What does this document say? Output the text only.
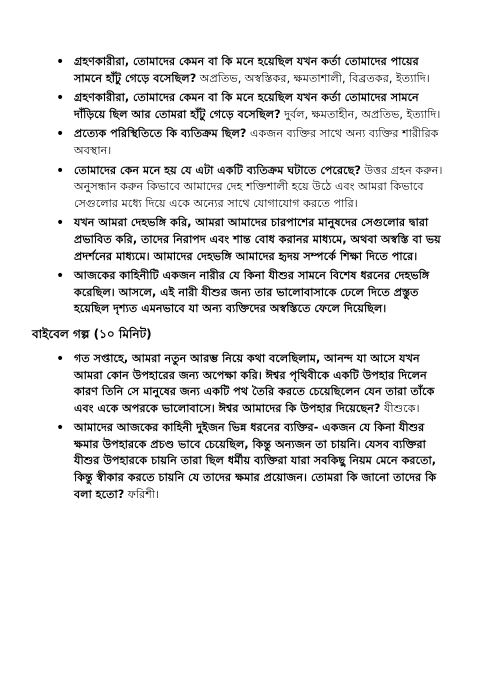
• গ্রহণকারীরা, তোমাদের কেমন বা কি মনে হয়েছিল যখন কর্তা তোমাদের পায়ের সামনে হাঁটু গেড়ে বসেছিল? অপ্রতিভ, অস্বস্তিকর, ক্ষমতাশালী, বিব্রতকর, ইত্যাদি।
• গ্রহণকারীরা, তোমাদের কেমন বা কি মনে হয়েছিল যখন কর্তা তোমাদের সামনে দাঁড়িয়ে ছিল আর তোমরা হাঁটু গেড়ে বসেছিল? দুর্বল, ক্ষমতাহীন, অপ্রতিভ, ইত্যাদি।
• প্রত্যেক পরিস্থিতিতে কি ব্যতিক্রম ছিল? একজন ব্যক্তির সাথে অন্য ব্যক্তির শারীরিক অবস্থান।
• তোমাদের কেন মনে হয় যে এটা একটি ব্যতিক্রম ঘটাতে পেরেছে? উত্তর গ্রহন করুন। অনুসন্ধান করুন কিভাবে আমাদের দেহ শক্তিশালী হয়ে উঠে এবং আমরা কিভাবে সেগুলোর মধ্যে দিয়ে একে অন্যের সাথে যোগাযোগ করতে পারি।
• যখন আমরা দেহভঙ্গি করি, আমরা আমাদের চারপাশের মানুষদের সেগুলোর দ্বারা প্রভাবিত করি, তাদের নিরাপদ এবং শান্ত বোধ করানর মাধ্যমে, অথবা অস্বস্তি বা ভয় প্রদর্শনের মাধ্যমে। আমাদের দেহভঙ্গি আমাদের হৃদয় সম্পর্কে শিক্ষা দিতে পারে।
• আজকের কাহিনীটি একজন নারীর যে কিনা যীশুর সামনে বিশেষ ধরনের দেহভঙ্গি করেছিল। আসলে, এই নারী যীশুর জন্য তার ভালোবাসাকে ঢেলে দিতে প্রস্তুত হয়েছিল দৃশ্যত এমনভাবে যা অন্য ব্যক্তিদের অস্বস্তিতে ফেলে দিয়েছিল।
বাইবেল গল্প (১০ মিনিট)
• গত সপ্তাহে, আমরা নতুন আরম্ভ নিয়ে কথা বলেছিলাম, আনন্দ যা আসে যখন আমরা কোন উপহারের জন্য অপেক্ষা করি। ঈশ্বর পৃথিবীকে একটি উপহার দিলেন কারণ তিনি সে মানুষের জন্য একটি পথ তৈরি করতে চেয়েছিলেন যেন তারা তাঁকে এবং একে অপরকে ভালোবাসে। ঈশ্বর আমাদের কি উপহার দিয়েছেন? যীশুকে।
• আমাদের আজকের কাহিনী দুইজন ভিন্ন ধরনের ব্যক্তির- একজন যে কিনা যীশুর ক্ষমার উপহারকে প্রচণ্ড ভাবে চেয়েছিল, কিন্তু অন্যজন তা চায়নি। যেসব ব্যক্তিরা যীশুর উপহারকে চায়নি তারা ছিল ধর্মীয় ব্যক্তিরা যারা সবকিছু নিয়ম মেনে করতো, কিন্তু স্বীকার করতে চায়নি যে তাদের ক্ষমার প্রয়োজন। তোমরা কি জানো তাদের কি বলা হতো? ফরিশী।
